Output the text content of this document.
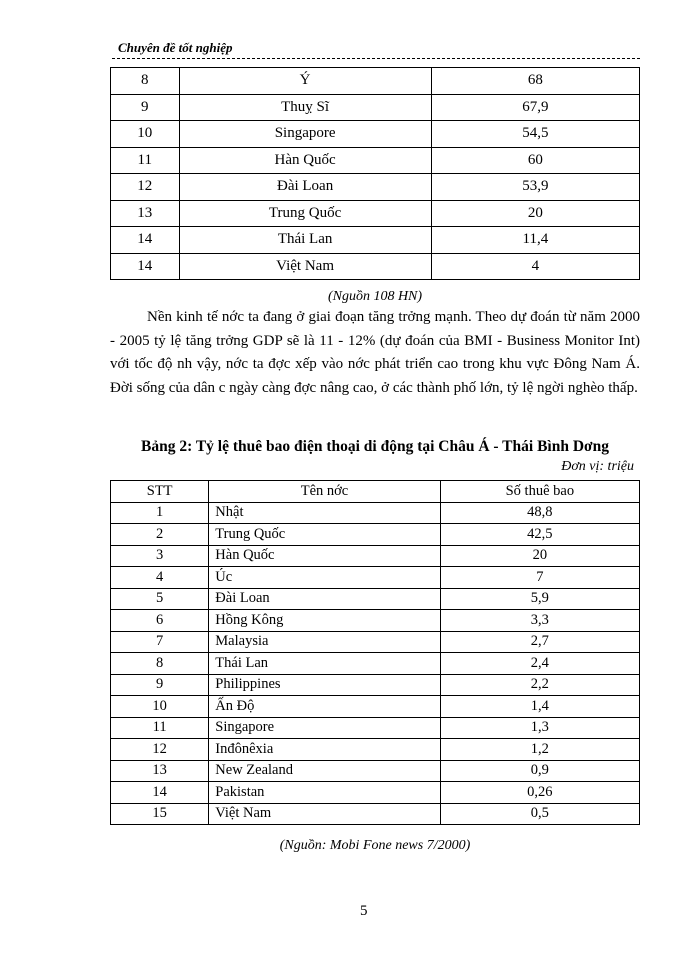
Chuyên đề tốt nghiệp
8	Ý	68
9	Thuỵ Sĩ	67,9
10	Singapore	54,5
11	Hàn Quốc	60
12	Đài Loan	53,9
13	Trung Quốc	20
14	Thái Lan	11,4
14	Việt Nam	4
(Nguồn 108 HN)

Nền kinh tế nớc ta đang ở giai đoạn tăng trởng mạnh. Theo dự đoán từ năm 2000 - 2005 tỷ lệ tăng trởng GDP sẽ là 11 - 12% (dự đoán của BMI - Business Monitor Int) với tốc độ nh vậy, nớc ta đợc xếp vào nớc phát triển cao trong khu vực Đông Nam Á. Đời sống của dân c ngày càng đợc nâng cao, ở các thành phố lớn, tỷ lệ ngời nghèo thấp.

Bảng 2: Tỷ lệ thuê bao điện thoại di động tại Châu Á - Thái Bình Dơng
Đơn vị: triệu
STT	Tên nớc	Số thuê bao
1	Nhật	48,8
2	Trung Quốc	42,5
3	Hàn Quốc	20
4	Úc	7
5	Đài Loan	5,9
6	Hồng Kông	3,3
7	Malaysia	2,7
8	Thái Lan	2,4
9	Philippines	2,2
10	Ấn Độ	1,4
11	Singapore	1,3
12	Inđônêxia	1,2
13	New Zealand	0,9
14	Pakistan	0,26
15	Việt Nam	0,5
(Nguồn: Mobi Fone news 7/2000)
5
